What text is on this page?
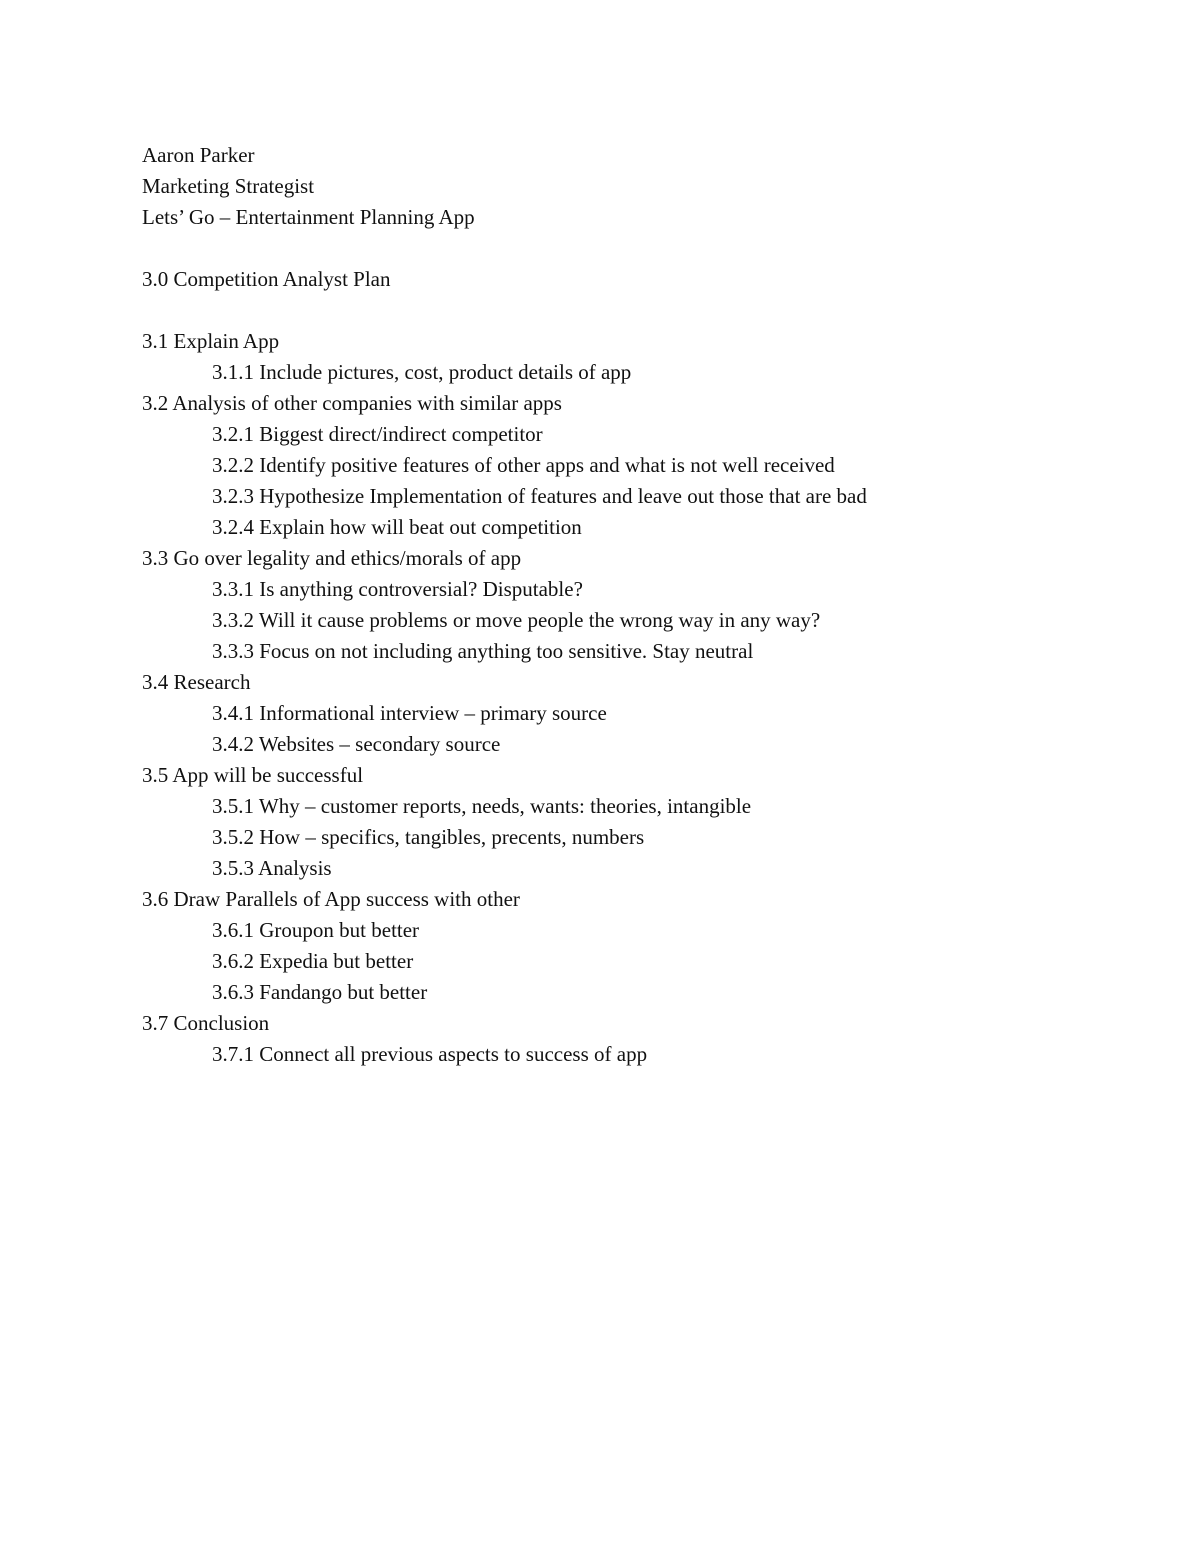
Aaron Parker
Marketing Strategist
Lets’ Go – Entertainment Planning App
3.0 Competition Analyst Plan
3.1 Explain App
3.1.1 Include pictures, cost, product details of app
3.2 Analysis of other companies with similar apps
3.2.1 Biggest direct/indirect competitor
3.2.2 Identify positive features of other apps and what is not well received
3.2.3 Hypothesize Implementation of features and leave out those that are bad
3.2.4 Explain how will beat out competition
3.3 Go over legality and ethics/morals of app
3.3.1 Is anything controversial? Disputable?
3.3.2 Will it cause problems or move people the wrong way in any way?
3.3.3 Focus on not including anything too sensitive. Stay neutral
3.4 Research
3.4.1 Informational interview – primary source
3.4.2 Websites – secondary source
3.5 App will be successful
3.5.1 Why – customer reports, needs, wants: theories, intangible
3.5.2 How – specifics, tangibles, precents, numbers
3.5.3 Analysis
3.6 Draw Parallels of App success with other
3.6.1 Groupon but better
3.6.2 Expedia but better
3.6.3 Fandango but better
3.7 Conclusion
3.7.1 Connect all previous aspects to success of app
